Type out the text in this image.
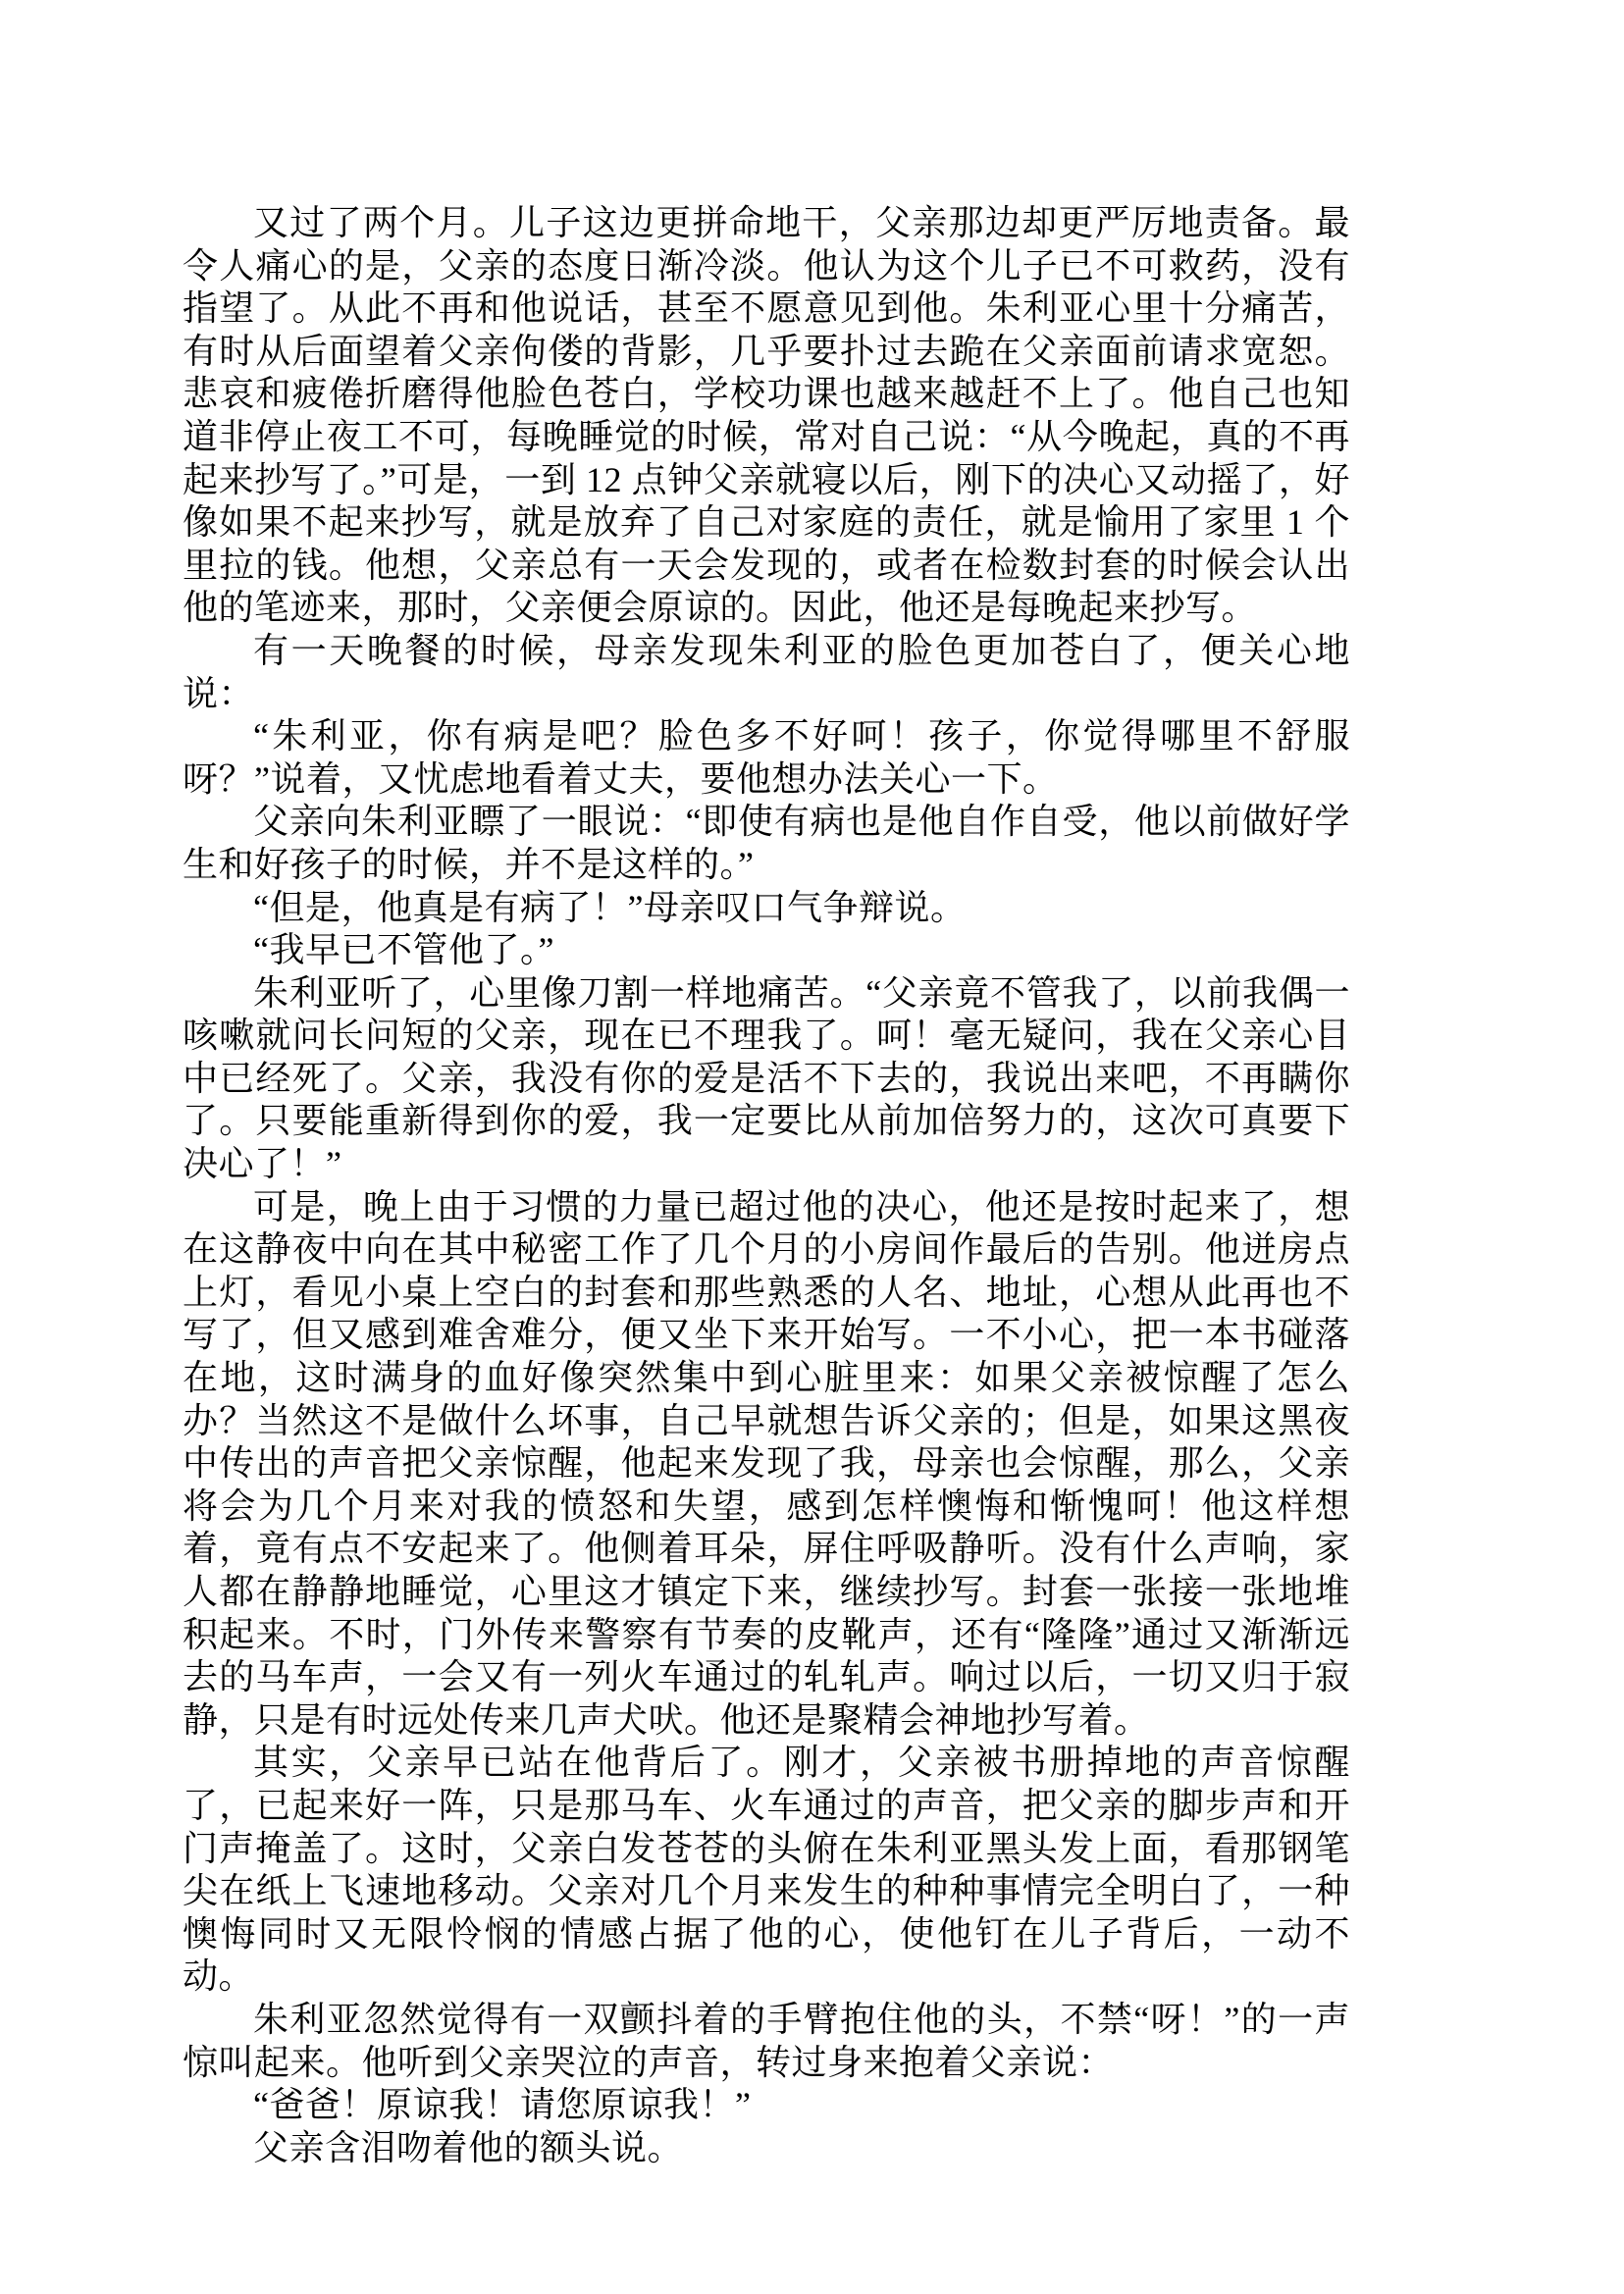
又过了两个月。儿子这边更拼命地干，父亲那边却更严厉地责备。最令人痛心的是，父亲的态度日渐冷淡。他认为这个儿子已不可救药，没有指望了。从此不再和他说话，甚至不愿意见到他。朱利亚心里十分痛苦，有时从后面望着父亲佝偻的背影，几乎要扑过去跪在父亲面前请求宽恕。悲哀和疲倦折磨得他脸色苍白，学校功课也越来越赶不上了。他自己也知道非停止夜工不可，每晚睡觉的时候，常对自己说：“从今晚起，真的不再起来抄写了。”可是，一到 12 点钟父亲就寝以后，刚下的决心又动摇了，好像如果不起来抄写，就是放弃了自己对家庭的责任，就是愉用了家里 1 个里拉的钱。他想，父亲总有一天会发现的，或者在检数封套的时候会认出他的笔迹来，那时，父亲便会原谅的。因此，他还是每晚起来抄写。

有一天晚餐的时候，母亲发现朱利亚的脸色更加苍白了，便关心地说：

“朱利亚，你有病是吧？脸色多不好呵！孩子，你觉得哪里不舒服呀？”说着，又忧虑地看着丈夫，要他想办法关心一下。

父亲向朱利亚瞟了一眼说：“即使有病也是他自作自受，他以前做好学生和好孩子的时候，并不是这样的。”

“但是，他真是有病了！”母亲叹口气争辩说。

“我早已不管他了。”

朱利亚听了，心里像刀割一样地痛苦。“父亲竟不管我了，以前我偶一咳嗽就问长问短的父亲，现在已不理我了。呵！毫无疑问，我在父亲心目中已经死了。父亲，我没有你的爱是活不下去的，我说出来吧，不再瞒你了。只要能重新得到你的爱，我一定要比从前加倍努力的，这次可真要下决心了！”

可是，晚上由于习惯的力量已超过他的决心，他还是按时起来了，想在这静夜中向在其中秘密工作了几个月的小房间作最后的告别。他迸房点上灯，看见小桌上空白的封套和那些熟悉的人名、地址，心想从此再也不写了，但又感到难舍难分，便又坐下来开始写。一不小心，把一本书碰落在地，这时满身的血好像突然集中到心脏里来：如果父亲被惊醒了怎么办？当然这不是做什么坏事，自己早就想告诉父亲的；但是，如果这黑夜中传出的声音把父亲惊醒，他起来发现了我，母亲也会惊醒，那么，父亲将会为几个月来对我的愤怒和失望，感到怎样懊悔和惭愧呵！他这样想着，竟有点不安起来了。他侧着耳朵，屏住呼吸静听。没有什么声响，家人都在静静地睡觉，心里这才镇定下来，继续抄写。封套一张接一张地堆积起来。不时，门外传来警察有节奏的皮靴声，还有“隆隆”通过又渐渐远去的马车声，一会又有一列火车通过的轧轧声。响过以后，一切又归于寂静，只是有时远处传来几声犬吠。他还是聚精会神地抄写着。

其实，父亲早已站在他背后了。刚才，父亲被书册掉地的声音惊醒了，已起来好一阵，只是那马车、火车通过的声音，把父亲的脚步声和开门声掩盖了。这时，父亲白发苍苍的头俯在朱利亚黑头发上面，看那钢笔尖在纸上飞速地移动。父亲对几个月来发生的种种事情完全明白了，一种懊悔同时又无限怜悯的情感占据了他的心，使他钉在儿子背后，一动不动。

朱利亚忽然觉得有一双颤抖着的手臂抱住他的头，不禁“呀！”的一声惊叫起来。他听到父亲哭泣的声音，转过身来抱着父亲说：

“爸爸！原谅我！请您原谅我！”

父亲含泪吻着他的额头说。
